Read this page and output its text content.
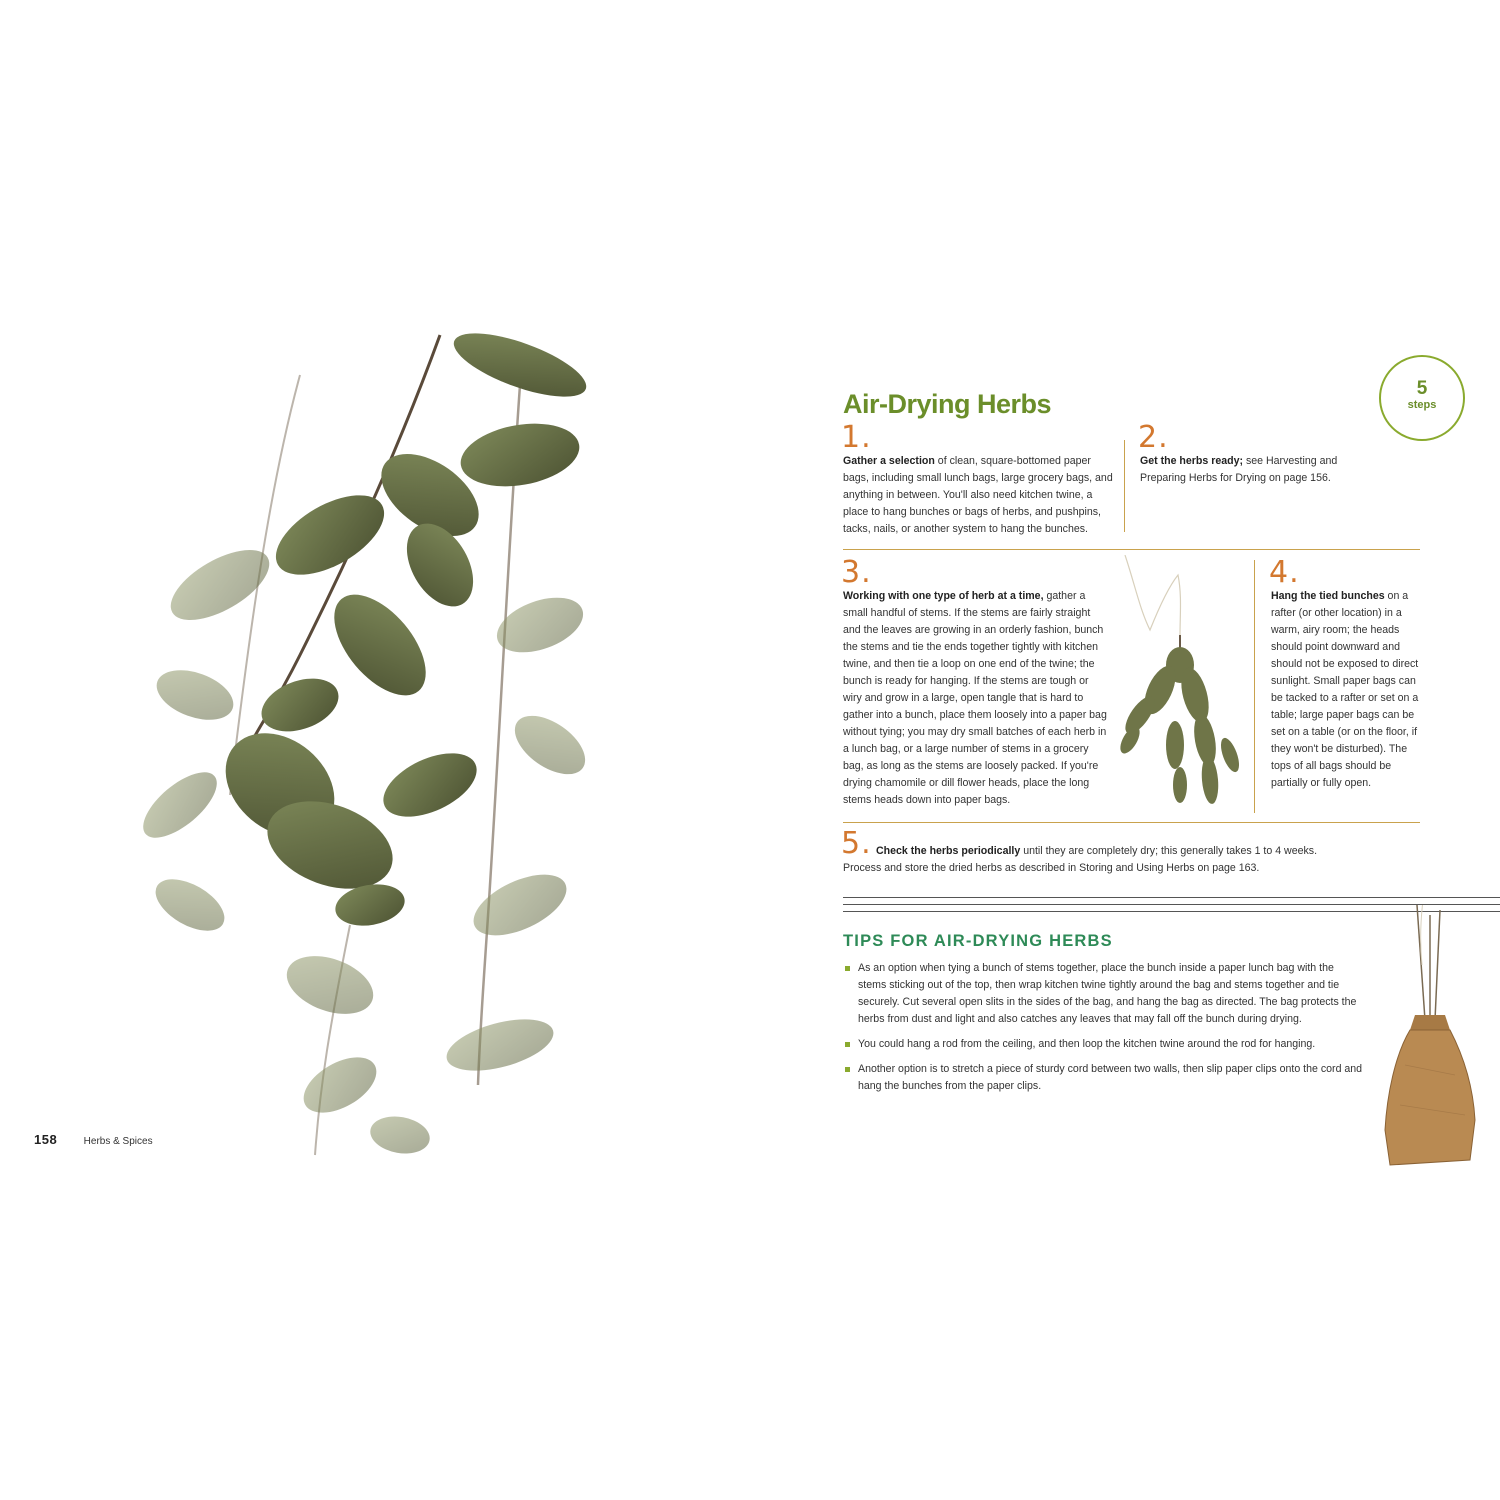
158	Herbs & Spices
Air-Drying Herbs
5
steps
1.
Gather a selection of clean, square-bottomed paper bags, including small lunch bags, large grocery bags, and anything in between. You'll also need kitchen twine, a place to hang bunches or bags of herbs, and pushpins, tacks, nails, or another system to hang the bunches.
2.
Get the herbs ready; see Harvesting and Preparing Herbs for Drying on page 156.
3.
Working with one type of herb at a time, gather a small handful of stems. If the stems are fairly straight and the leaves are growing in an orderly fashion, bunch the stems and tie the ends together tightly with kitchen twine, and then tie a loop on one end of the twine; the bunch is ready for hanging. If the stems are tough or wiry and grow in a large, open tangle that is hard to gather into a bunch, place them loosely into a paper bag without tying; you may dry small batches of each herb in a lunch bag, or a large number of stems in a grocery bag, as long as the stems are loosely packed. If you're drying chamomile or dill flower heads, place the long stems heads down into paper bags.
4.
Hang the tied bunches on a rafter (or other location) in a warm, airy room; the heads should point downward and should not be exposed to direct sunlight. Small paper bags can be tacked to a rafter or set on a table; large paper bags can be set on a table (or on the floor, if they won't be disturbed). The tops of all bags should be partially or fully open.
5. Check the herbs periodically until they are completely dry; this generally takes 1 to 4 weeks.
Process and store the dried herbs as described in Storing and Using Herbs on page 163.
TIPS FOR AIR-DRYING HERBS
As an option when tying a bunch of stems together, place the bunch inside a paper lunch bag with the stems sticking out of the top, then wrap kitchen twine tightly around the bag and stems together and tie securely. Cut several open slits in the sides of the bag, and hang the bag as directed. The bag protects the herbs from dust and light and also catches any leaves that may fall off the bunch during drying.
You could hang a rod from the ceiling, and then loop the kitchen twine around the rod for hanging.
Another option is to stretch a piece of sturdy cord between two walls, then slip paper clips onto the cord and hang the bunches from the paper clips.
